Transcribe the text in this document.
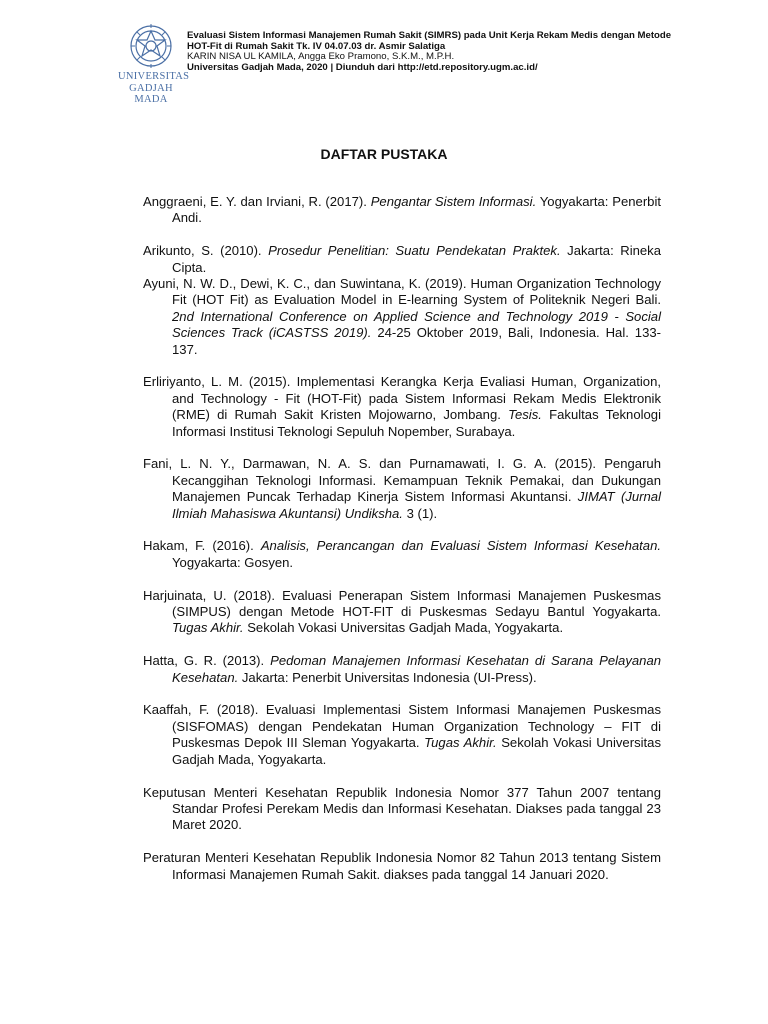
UNIVERSITAS
GADJAH MADA
Evaluasi Sistem Informasi Manajemen Rumah Sakit (SIMRS) pada Unit Kerja Rekam Medis dengan Metode
HOT-Fit di Rumah Sakit Tk. IV 04.07.03 dr. Asmir Salatiga
KARIN NISA UL KAMILA, Angga Eko Pramono, S.K.M., M.P.H.
Universitas Gadjah Mada, 2020 | Diunduh dari http://etd.repository.ugm.ac.id/
DAFTAR PUSTAKA
Anggraeni, E. Y. dan Irviani, R. (2017). Pengantar Sistem Informasi. Yogyakarta: Penerbit Andi.
Arikunto, S. (2010). Prosedur Penelitian: Suatu Pendekatan Praktek. Jakarta: Rineka Cipta.
Ayuni, N. W. D., Dewi, K. C., dan Suwintana, K. (2019). Human Organization Technology Fit (HOT Fit) as Evaluation Model in E-learning System of Politeknik Negeri Bali. 2nd International Conference on Applied Science and Technology 2019 - Social Sciences Track (iCASTSS 2019). 24-25 Oktober 2019, Bali, Indonesia. Hal. 133-137.
Erliriyanto, L. M. (2015). Implementasi Kerangka Kerja Evaliasi Human, Organization, and Technology - Fit (HOT-Fit) pada Sistem Informasi Rekam Medis Elektronik (RME) di Rumah Sakit Kristen Mojowarno, Jombang. Tesis. Fakultas Teknologi Informasi Institusi Teknologi Sepuluh Nopember, Surabaya.
Fani, L. N. Y., Darmawan, N. A. S. dan Purnamawati, I. G. A. (2015). Pengaruh Kecanggihan Teknologi Informasi. Kemampuan Teknik Pemakai, dan Dukungan Manajemen Puncak Terhadap Kinerja Sistem Informasi Akuntansi. JIMAT (Jurnal Ilmiah Mahasiswa Akuntansi) Undiksha. 3 (1).
Hakam, F. (2016). Analisis, Perancangan dan Evaluasi Sistem Informasi Kesehatan. Yogyakarta: Gosyen.
Harjuinata, U. (2018). Evaluasi Penerapan Sistem Informasi Manajemen Puskesmas (SIMPUS) dengan Metode HOT-FIT di Puskesmas Sedayu Bantul Yogyakarta. Tugas Akhir. Sekolah Vokasi Universitas Gadjah Mada, Yogyakarta.
Hatta, G. R. (2013). Pedoman Manajemen Informasi Kesehatan di Sarana Pelayanan Kesehatan. Jakarta: Penerbit Universitas Indonesia (UI-Press).
Kaaffah, F. (2018). Evaluasi Implementasi Sistem Informasi Manajemen Puskesmas (SISFOMAS) dengan Pendekatan Human Organization Technology – FIT di Puskesmas Depok III Sleman Yogyakarta. Tugas Akhir. Sekolah Vokasi Universitas Gadjah Mada, Yogyakarta.
Keputusan Menteri Kesehatan Republik Indonesia Nomor 377 Tahun 2007 tentang Standar Profesi Perekam Medis dan Informasi Kesehatan. Diakses pada tanggal 23 Maret 2020.
Peraturan Menteri Kesehatan Republik Indonesia Nomor 82 Tahun 2013 tentang Sistem Informasi Manajemen Rumah Sakit. diakses pada tanggal 14 Januari 2020.
